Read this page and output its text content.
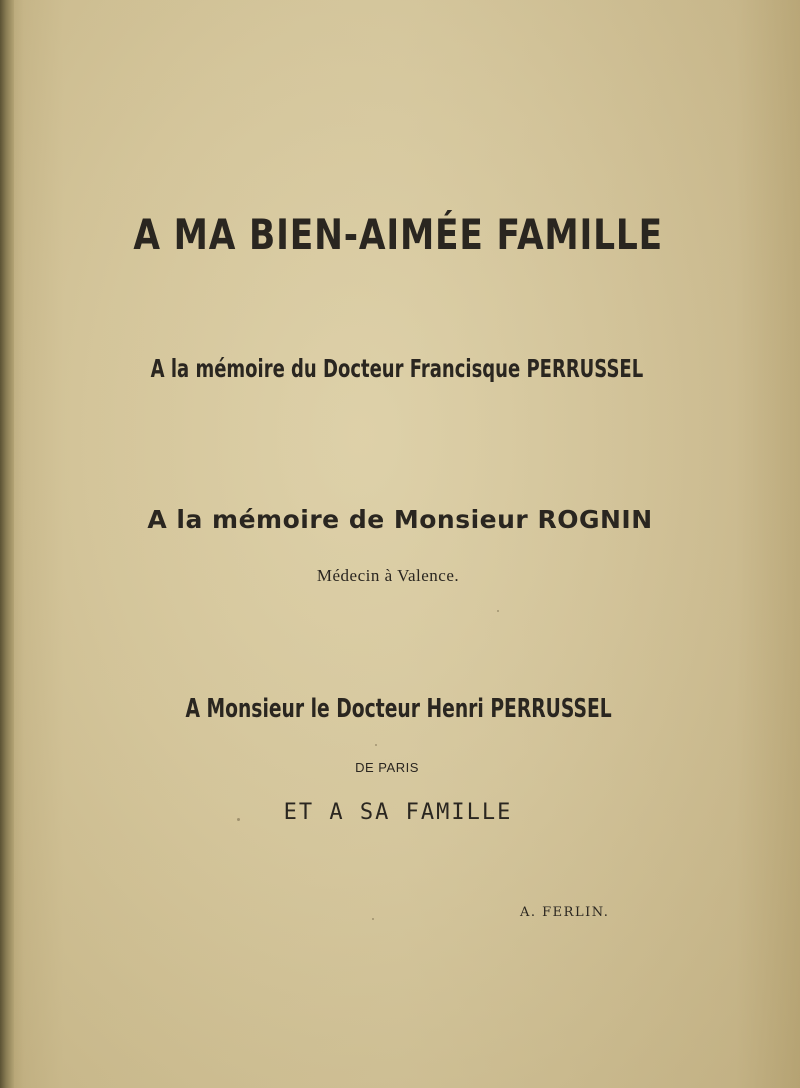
A MA BIEN-AIMÉE FAMILLE
A la mémoire du Docteur Francisque PERRUSSEL
A la mémoire de Monsieur ROGNIN
Médecin à Valence.
A Monsieur le Docteur Henri PERRUSSEL
DE PARIS
ET A SA FAMILLE
A. FERLIN.
